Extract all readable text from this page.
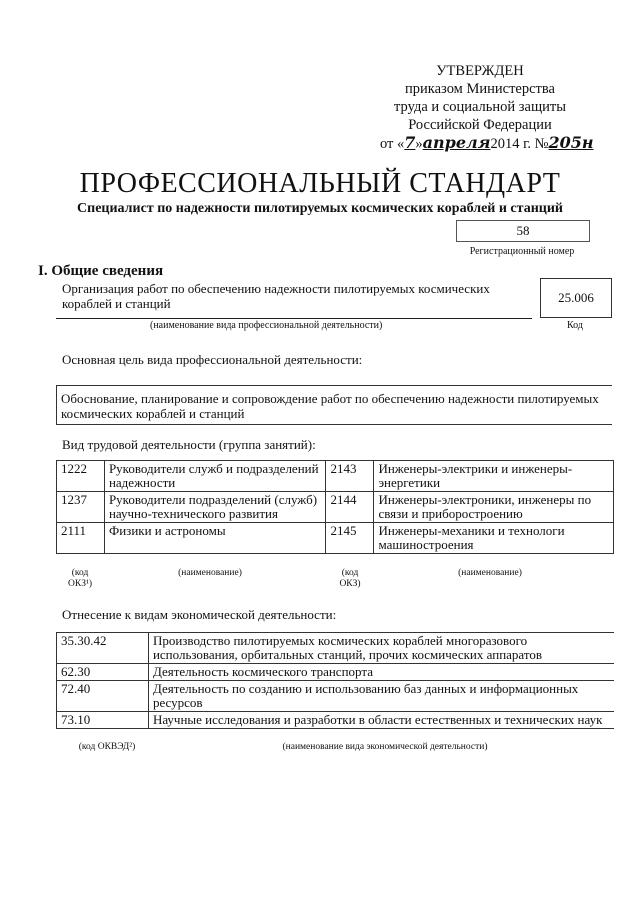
УТВЕРЖДЕН
приказом Министерства
труда и социальной защиты
Российской Федерации
от «7»апреля2014 г. №205н
ПРОФЕССИОНАЛЬНЫЙ СТАНДАРТ
Специалист по надежности пилотируемых космических кораблей и станций
58
Регистрационный номер
I. Общие сведения
Организация работ по обеспечению надежности пилотируемых космических кораблей и станций
(наименование вида профессиональной деятельности)
25.006
Код
Основная цель вида профессиональной деятельности:
Обоснование, планирование и сопровождение работ по обеспечению надежности пилотируемых космических кораблей и станций
Вид трудовой деятельности (группа занятий):
1222	Руководители служб и подразделений надежности	2143	Инженеры-электрики и инженеры-энергетики
1237	Руководители подразделений (служб) научно-технического развития	2144	Инженеры-электроники, инженеры по связи и приборостроению
2111	Физики и астрономы	2145	Инженеры-механики и технологи машиностроения
(код ОКЗ¹)
(наименование)	(код ОКЗ)
(наименование)
Отнесение к видам экономической деятельности:
35.30.42	Производство пилотируемых космических кораблей многоразового использования, орбитальных станций, прочих космических аппаратов
62.30	Деятельность космического транспорта
72.40	Деятельность по созданию и использованию баз данных и информационных ресурсов
73.10	Научные исследования и разработки в области естественных и технических наук
(код ОКВЭД²)	(наименование вида экономической деятельности)
